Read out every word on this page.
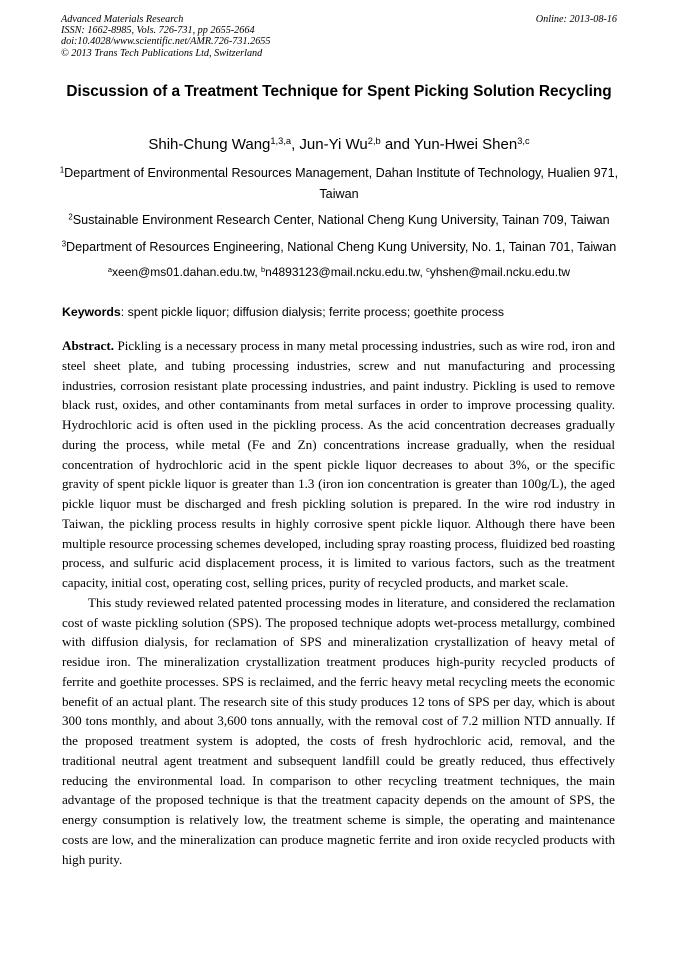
Advanced Materials Research
ISSN: 1662-8985, Vols. 726-731, pp 2655-2664
doi:10.4028/www.scientific.net/AMR.726-731.2655
© 2013 Trans Tech Publications Ltd, Switzerland
Online: 2013-08-16
Discussion of a Treatment Technique for Spent Picking Solution Recycling
Shih-Chung Wang$^{1,3,a}$, Jun-Yi Wu$^{2,b}$ and Yun-Hwei Shen$^{3,c}$
$^1$Department of Environmental Resources Management, Dahan Institute of Technology, Hualien 971, Taiwan
$^2$Sustainable Environment Research Center, National Cheng Kung University, Tainan 709, Taiwan
$^3$Department of Resources Engineering, National Cheng Kung University, No. 1, Tainan 701, Taiwan
$^a$xeen@ms01.dahan.edu.tw, $^b$n4893123@mail.ncku.edu.tw, $^c$yhshen@mail.ncku.edu.tw
Keywords: spent pickle liquor; diffusion dialysis; ferrite process; goethite process

Abstract. Pickling is a necessary process in many metal processing industries, such as wire rod, iron and steel sheet plate, and tubing processing industries, screw and nut manufacturing and processing industries, corrosion resistant plate processing industries, and paint industry. Pickling is used to remove black rust, oxides, and other contaminants from metal surfaces in order to improve processing quality. Hydrochloric acid is often used in the pickling process. As the acid concentration decreases gradually during the process, while metal (Fe and Zn) concentrations increase gradually, when the residual concentration of hydrochloric acid in the spent pickle liquor decreases to about 3%, or the specific gravity of spent pickle liquor is greater than 1.3 (iron ion concentration is greater than 100g/L), the aged pickle liquor must be discharged and fresh pickling solution is prepared. In the wire rod industry in Taiwan, the pickling process results in highly corrosive spent pickle liquor. Although there have been multiple resource processing schemes developed, including spray roasting process, fluidized bed roasting process, and sulfuric acid displacement process, it is limited to various factors, such as the treatment capacity, initial cost, operating cost, selling prices, purity of recycled products, and market scale.

This study reviewed related patented processing modes in literature, and considered the reclamation cost of waste pickling solution (SPS). The proposed technique adopts wet-process metallurgy, combined with diffusion dialysis, for reclamation of SPS and mineralization crystallization of heavy metal of residue iron. The mineralization crystallization treatment produces high-purity recycled products of ferrite and goethite processes. SPS is reclaimed, and the ferric heavy metal recycling meets the economic benefit of an actual plant. The research site of this study produces 12 tons of SPS per day, which is about 300 tons monthly, and about 3,600 tons annually, with the removal cost of 7.2 million NTD annually. If the proposed treatment system is adopted, the costs of fresh hydrochloric acid, removal, and the traditional neutral agent treatment and subsequent landfill could be greatly reduced, thus effectively reducing the environmental load. In comparison to other recycling treatment techniques, the main advantage of the proposed technique is that the treatment capacity depends on the amount of SPS, the energy consumption is relatively low, the treatment scheme is simple, the operating and maintenance costs are low, and the mineralization can produce magnetic ferrite and iron oxide recycled products with high purity.
